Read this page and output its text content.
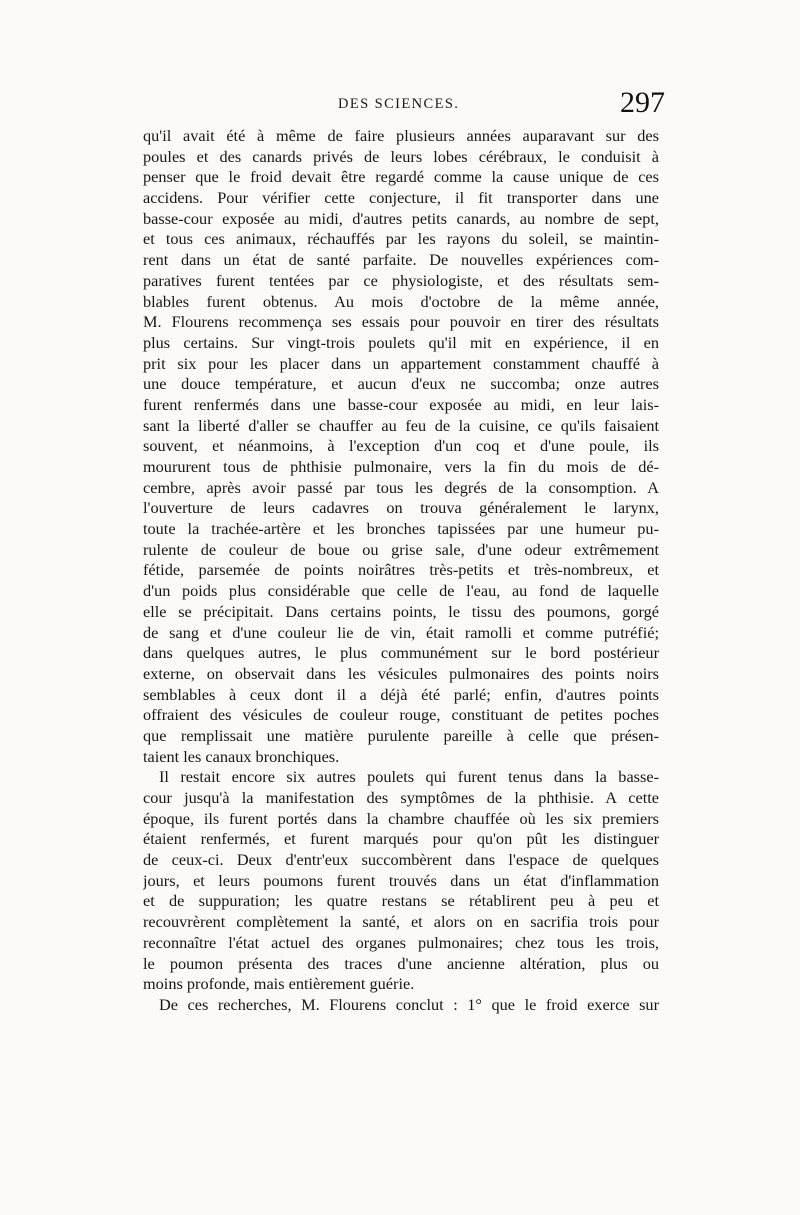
DES SCIENCES.	297
qu'il avait été à même de faire plusieurs années auparavant sur des
poules et des canards privés de leurs lobes cérébraux, le conduisit à
penser que le froid devait être regardé comme la cause unique de ces
accidens. Pour vérifier cette conjecture, il fit transporter dans une
basse-cour exposée au midi, d'autres petits canards, au nombre de sept,
et tous ces animaux, réchauffés par les rayons du soleil, se maintin-
rent dans un état de santé parfaite. De nouvelles expériences com-
paratives furent tentées par ce physiologiste, et des résultats sem-
blables furent obtenus. Au mois d'octobre de la même année,
M. Flourens recommença ses essais pour pouvoir en tirer des résultats
plus certains. Sur vingt-trois poulets qu'il mit en expérience, il en
prit six pour les placer dans un appartement constamment chauffé à
une douce température, et aucun d'eux ne succomba; onze autres
furent renfermés dans une basse-cour exposée au midi, en leur lais-
sant la liberté d'aller se chauffer au feu de la cuisine, ce qu'ils faisaient
souvent, et néanmoins, à l'exception d'un coq et d'une poule, ils
moururent tous de phthisie pulmonaire, vers la fin du mois de dé-
cembre, après avoir passé par tous les degrés de la consomption. A
l'ouverture de leurs cadavres on trouva généralement le larynx,
toute la trachée-artère et les bronches tapissées par une humeur pu-
rulente de couleur de boue ou grise sale, d'une odeur extrêmement
fétide, parsemée de points noirâtres très-petits et très-nombreux, et
d'un poids plus considérable que celle de l'eau, au fond de laquelle
elle se précipitait. Dans certains points, le tissu des poumons, gorgé
de sang et d'une couleur lie de vin, était ramolli et comme putréfié;
dans quelques autres, le plus communément sur le bord postérieur
externe, on observait dans les vésicules pulmonaires des points noirs
semblables à ceux dont il a déjà été parlé; enfin, d'autres points
offraient des vésicules de couleur rouge, constituant de petites poches
que remplissait une matière purulente pareille à celle que présen-
taient les canaux bronchiques.
Il restait encore six autres poulets qui furent tenus dans la basse-
cour jusqu'à la manifestation des symptômes de la phthisie. A cette
époque, ils furent portés dans la chambre chauffée où les six premiers
étaient renfermés, et furent marqués pour qu'on pût les distinguer
de ceux-ci. Deux d'entr'eux succombèrent dans l'espace de quelques
jours, et leurs poumons furent trouvés dans un état d'inflammation
et de suppuration; les quatre restans se rétablirent peu à peu et
recouvrèrent complètement la santé, et alors on en sacrifia trois pour
reconnaître l'état actuel des organes pulmonaires; chez tous les trois,
le poumon présenta des traces d'une ancienne altération, plus ou
moins profonde, mais entièrement guérie.
De ces recherches, M. Flourens conclut : 1° que le froid exerce sur
